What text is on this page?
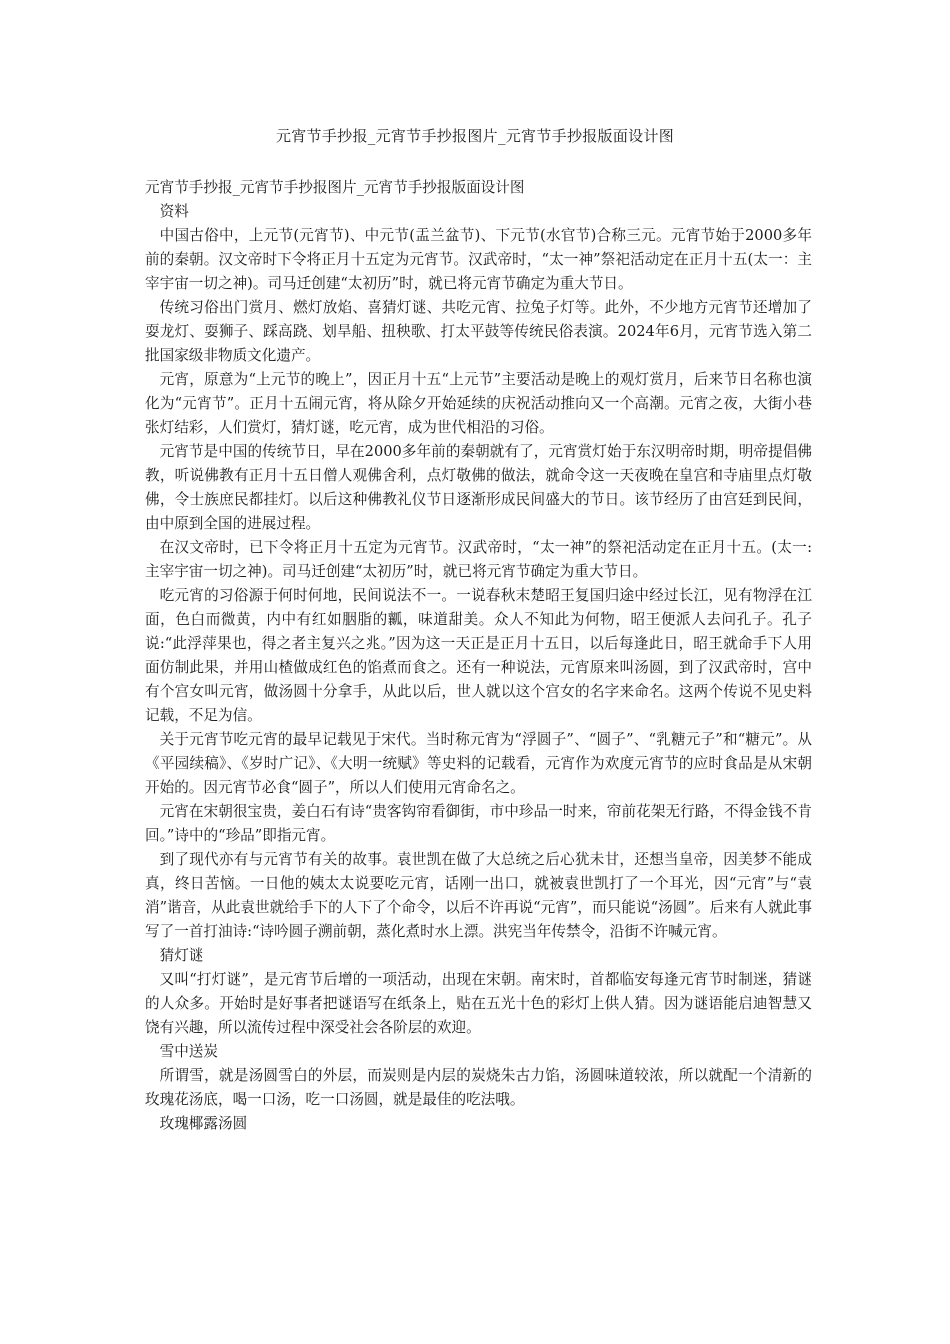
元宵节手抄报_元宵节手抄报图片_元宵节手抄报版面设计图

元宵节手抄报_元宵节手抄报图片_元宵节手抄报版面设计图

资料

中国古俗中，上元节(元宵节)、中元节(盂兰盆节)、下元节(水官节)合称三元。元宵节始于2000多年前的秦朝。汉文帝时下令将正月十五定为元宵节。汉武帝时，“太一神”祭祀活动定在正月十五(太一：主宰宇宙一切之神)。司马迁创建“太初历”时，就已将元宵节确定为重大节日。

传统习俗出门赏月、燃灯放焰、喜猜灯谜、共吃元宵、拉兔子灯等。此外，不少地方元宵节还增加了耍龙灯、耍狮子、踩高跷、划旱船、扭秧歌、打太平鼓等传统民俗表演。2024年6月，元宵节选入第二批国家级非物质文化遗产。

元宵，原意为“上元节的晚上”，因正月十五“上元节”主要活动是晚上的观灯赏月，后来节日名称也演化为“元宵节”。正月十五闹元宵，将从除夕开始延续的庆祝活动推向又一个高潮。元宵之夜，大街小巷张灯结彩，人们赏灯，猜灯谜，吃元宵，成为世代相沿的习俗。

元宵节是中国的传统节日，早在2000多年前的秦朝就有了，元宵赏灯始于东汉明帝时期，明帝提倡佛教，听说佛教有正月十五日僧人观佛舍利，点灯敬佛的做法，就命令这一天夜晚在皇宫和寺庙里点灯敬佛，令士族庶民都挂灯。以后这种佛教礼仪节日逐渐形成民间盛大的节日。该节经历了由宫廷到民间，由中原到全国的进展过程。

在汉文帝时，已下令将正月十五定为元宵节。汉武帝时，“太一神”的祭祀活动定在正月十五。(太一:主宰宇宙一切之神)。司马迁创建“太初历”时，就已将元宵节确定为重大节日。

吃元宵的习俗源于何时何地，民间说法不一。一说春秋末楚昭王复国归途中经过长江，见有物浮在江面，色白而微黄，内中有红如胭脂的瓤，味道甜美。众人不知此为何物，昭王便派人去问孔子。孔子说:“此浮萍果也，得之者主复兴之兆。”因为这一天正是正月十五日，以后每逢此日，昭王就命手下人用面仿制此果，并用山楂做成红色的馅煮而食之。还有一种说法，元宵原来叫汤圆，到了汉武帝时，宫中有个宫女叫元宵，做汤圆十分拿手，从此以后，世人就以这个宫女的名字来命名。这两个传说不见史料记载，不足为信。

关于元宵节吃元宵的最早记载见于宋代。当时称元宵为“浮圆子”、“圆子”、“乳糖元子”和“糖元”。从《平园续稿》、《岁时广记》、《大明一统赋》等史料的记载看，元宵作为欢度元宵节的应时食品是从宋朝开始的。因元宵节必食“圆子”，所以人们使用元宵命名之。

元宵在宋朝很宝贵，姜白石有诗“贵客钩帘看御街，市中珍品一时来，帘前花架无行路，不得金钱不肯回。”诗中的“珍品”即指元宵。

到了现代亦有与元宵节有关的故事。袁世凯在做了大总统之后心犹未甘，还想当皇帝，因美梦不能成真，终日苦恼。一日他的姨太太说要吃元宵，话刚一出口，就被袁世凯打了一个耳光，因“元宵”与“袁消”谐音，从此袁世就给手下的人下了个命令，以后不许再说“元宵”，而只能说“汤圆”。后来有人就此事写了一首打油诗:“诗吟圆子溯前朝，蒸化煮时水上漂。洪宪当年传禁令，沿街不许喊元宵。

猜灯谜

又叫“打灯谜”，是元宵节后增的一项活动，出现在宋朝。南宋时，首都临安每逢元宵节时制迷，猜谜的人众多。开始时是好事者把谜语写在纸条上，贴在五光十色的彩灯上供人猜。因为谜语能启迪智慧又饶有兴趣，所以流传过程中深受社会各阶层的欢迎。

雪中送炭

所谓雪，就是汤圆雪白的外层，而炭则是内层的炭烧朱古力馅，汤圆味道较浓，所以就配一个清新的玫瑰花汤底，喝一口汤，吃一口汤圆，就是最佳的吃法哦。

玫瑰椰露汤圆
